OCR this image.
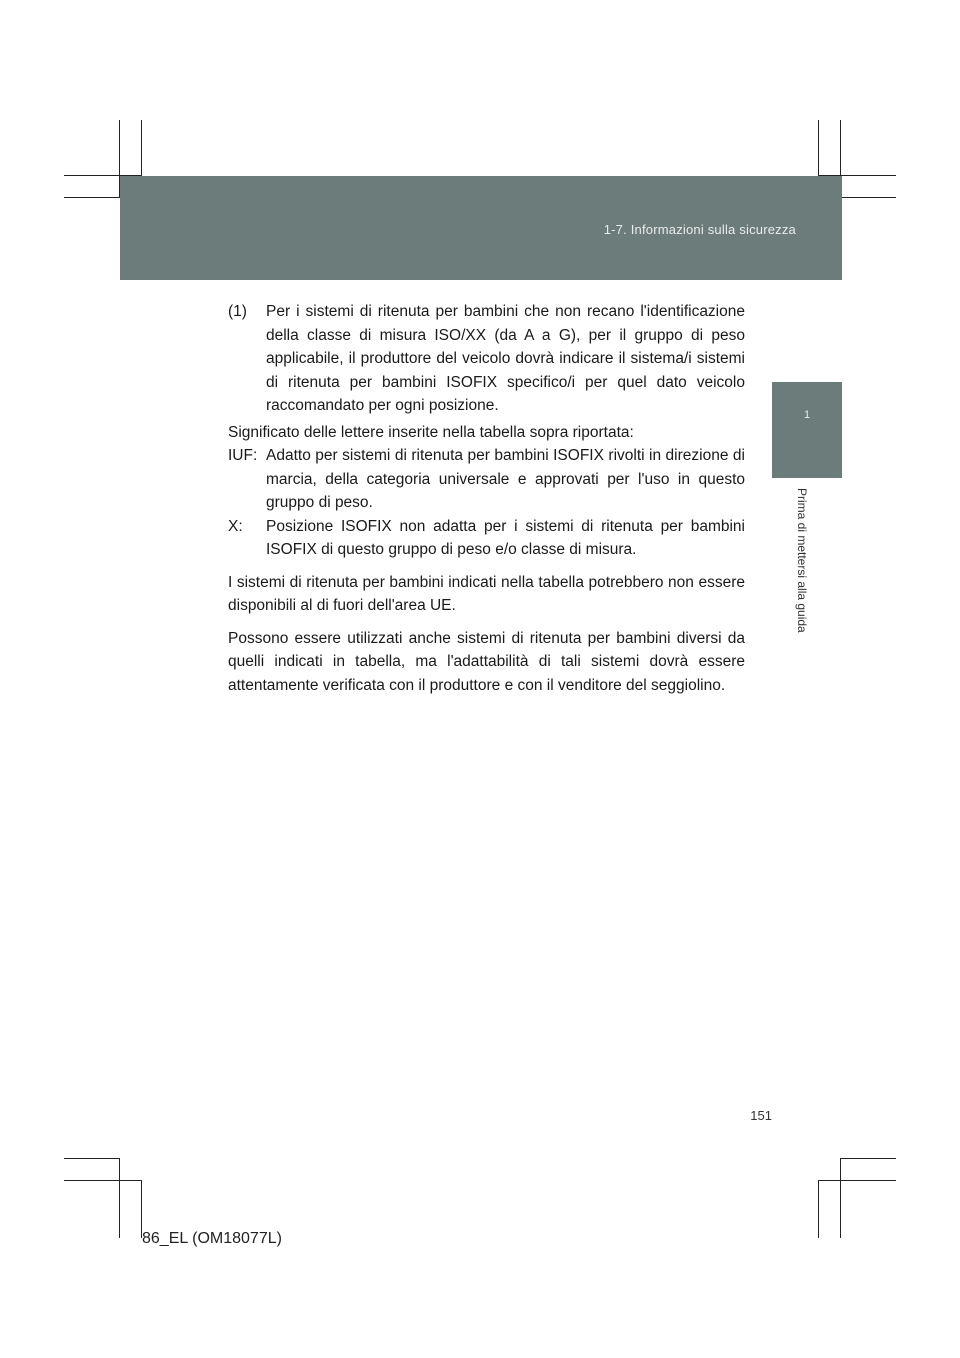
1-7. Informazioni sulla sicurezza
1
Prima di mettersi alla guida
(1)	Per i sistemi di ritenuta per bambini che non recano l'identificazione della classe di misura ISO/XX (da A a G), per il gruppo di peso applicabile, il produttore del veicolo dovrà indicare il sistema/i sistemi di ritenuta per bambini ISOFIX specifico/i per quel dato veicolo raccomandato per ogni posizione.

Significato delle lettere inserite nella tabella sopra riportata:

IUF: Adatto per sistemi di ritenuta per bambini ISOFIX rivolti in direzione di marcia, della categoria universale e approvati per l'uso in questo gruppo di peso.
X:	Posizione ISOFIX non adatta per i sistemi di ritenuta per bambini ISOFIX di questo gruppo di peso e/o classe di misura.

I sistemi di ritenuta per bambini indicati nella tabella potrebbero non essere disponibili al di fuori dell'area UE.

Possono essere utilizzati anche sistemi di ritenuta per bambini diversi da quelli indicati in tabella, ma l'adattabilità di tali sistemi dovrà essere attentamente verificata con il produttore e con il venditore del seggiolino.

151
86_EL (OM18077L)
